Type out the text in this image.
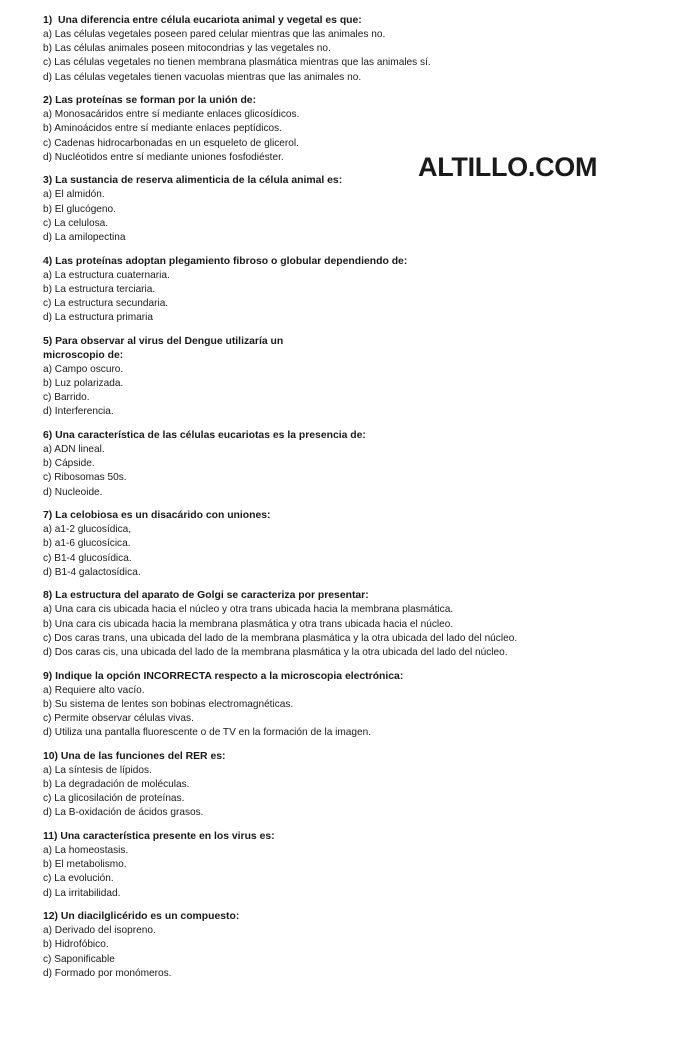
1)  Una diferencia entre célula eucariota animal y vegetal es que:
a) Las células vegetales poseen pared celular mientras que las animales no.
b) Las células animales poseen mitocondrias y las vegetales no.
c) Las células vegetales no tienen membrana plasmática mientras que las animales sí.
d) Las células vegetales tienen vacuolas mientras que las animales no.
2) Las proteínas se forman por la unión de:
a) Monosacáridos entre sí mediante enlaces glicosídicos.
b) Aminoácidos entre sí mediante enlaces peptídicos.
c) Cadenas hidrocarbonadas en un esqueleto de glicerol.
d) Nucléotidos entre sí mediante uniones fosfodiéster.
3) La sustancia de reserva alimenticia de la célula animal es:
a) El almidón.
b) El glucógeno.
c) La celulosa.
d) La amilopectina
4) Las proteínas adoptan plegamiento fibroso o globular dependiendo de:
a) La estructura cuaternaria.
b) La estructura terciaria.
c) La estructura secundaria.
d) La estructura primaria
5) Para observar al virus del Dengue utilizaría un
microscopio de:
a) Campo oscuro.
b) Luz polarizada.
c) Barrido.
d) Interferencia.
6) Una característica de las células eucariotas es la presencia de:
a) ADN lineal.
b) Cápside.
c) Ribosomas 50s.
d) Nucleoide.
7) La celobiosa es un disacárido con uniones:
a) a1-2 glucosídica,
b) a1-6 glucosícica.
c) B1-4 glucosídica.
d) B1-4 galactosídica.
8) La estructura del aparato de Golgi se caracteriza por presentar:
a) Una cara cis ubicada hacia el núcleo y otra trans ubicada hacia la membrana plasmática.
b) Una cara cis ubicada hacia la membrana plasmática y otra trans ubicada hacia el núcleo.
c) Dos caras trans, una ubicada del lado de la membrana plasmática y la otra ubicada del lado del núcleo.
d) Dos caras cis, una ubicada del lado de la membrana plasmática y la otra ubicada del lado del núcleo.
9) Indique la opción INCORRECTA respecto a la microscopia electrónica:
a) Requiere alto vacío.
b) Su sistema de lentes son bobinas electromagnéticas.
c) Permite observar células vivas.
d) Utiliza una pantalla fluorescente o de TV en la formación de la imagen.
10) Una de las funciones del RER es:
a) La síntesis de lípidos.
b) La degradación de moléculas.
c) La glicosilación de proteínas.
d) La B-oxidación de ácidos grasos.
11) Una característica presente en los virus es:
a) La homeostasis.
b) El metabolismo.
c) La evolución.
d) La irritabilidad.
12) Un diacilglicérido es un compuesto:
a) Derivado del isopreno.
b) Hidrofóbico.
c) Saponificable
d) Formado por monómeros.
ALTILLO.COM
